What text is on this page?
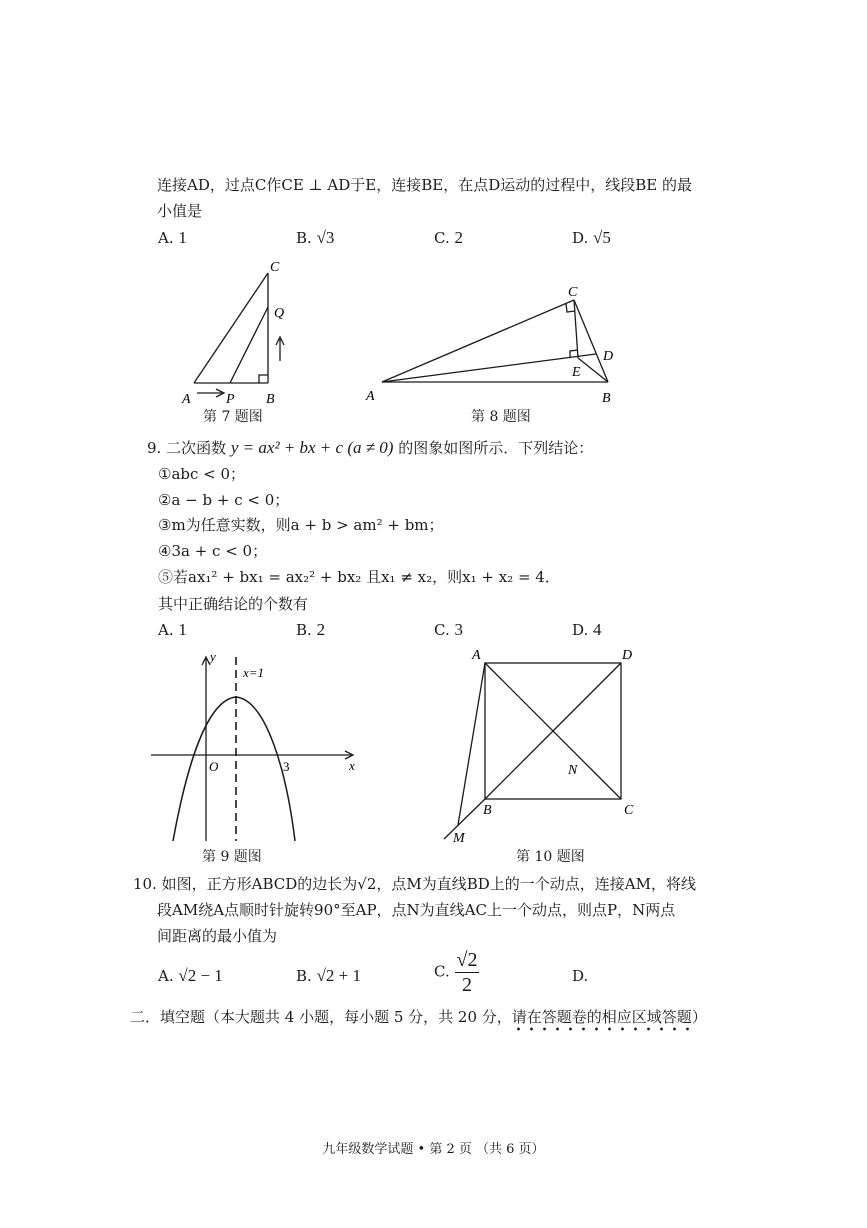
连接AD，过点C作CE ⊥ AD于E，连接BE，在点D运动的过程中，线段BE 的最
小值是
A. 1	B. √3	C. 2	D. √5
C
Q
A	P B
第 7 题图
C
D
E
A	B
第 8 题图
9. 二次函数 y = ax² + bx + c (a ≠ 0) 的图象如图所示．下列结论：
①abc < 0；
②a − b + c < 0；
③m为任意实数，则a + b > am² + bm；
④3a + c < 0；
⑤若ax₁² + bx₁ = ax₂² + bx₂ 且x₁ ≠ x₂，则x₁ + x₂ = 4．
其中正确结论的个数有
A. 1	B. 2	C. 3	D. 4
y
x=1
O	3	x
第 9 题图
A	D
N
B	C
M
第 10 题图
10. 如图，正方形ABCD的边长为√2，点M为直线BD上的一个动点，连接AM，将线
段AM绕A点顺时针旋转90°至AP，点N为直线AC上一个动点，则点P，N两点
间距离的最小值为
A. √2 − 1	B. √2 + 1	C. $\frac{√2}{2}$	D.
二．填空题（本大题共 4 小题，每小题 5 分，共 20 分，请在答题卷的相应区域答题）
九年级数学试题 • 第 2 页 （共 6 页）
